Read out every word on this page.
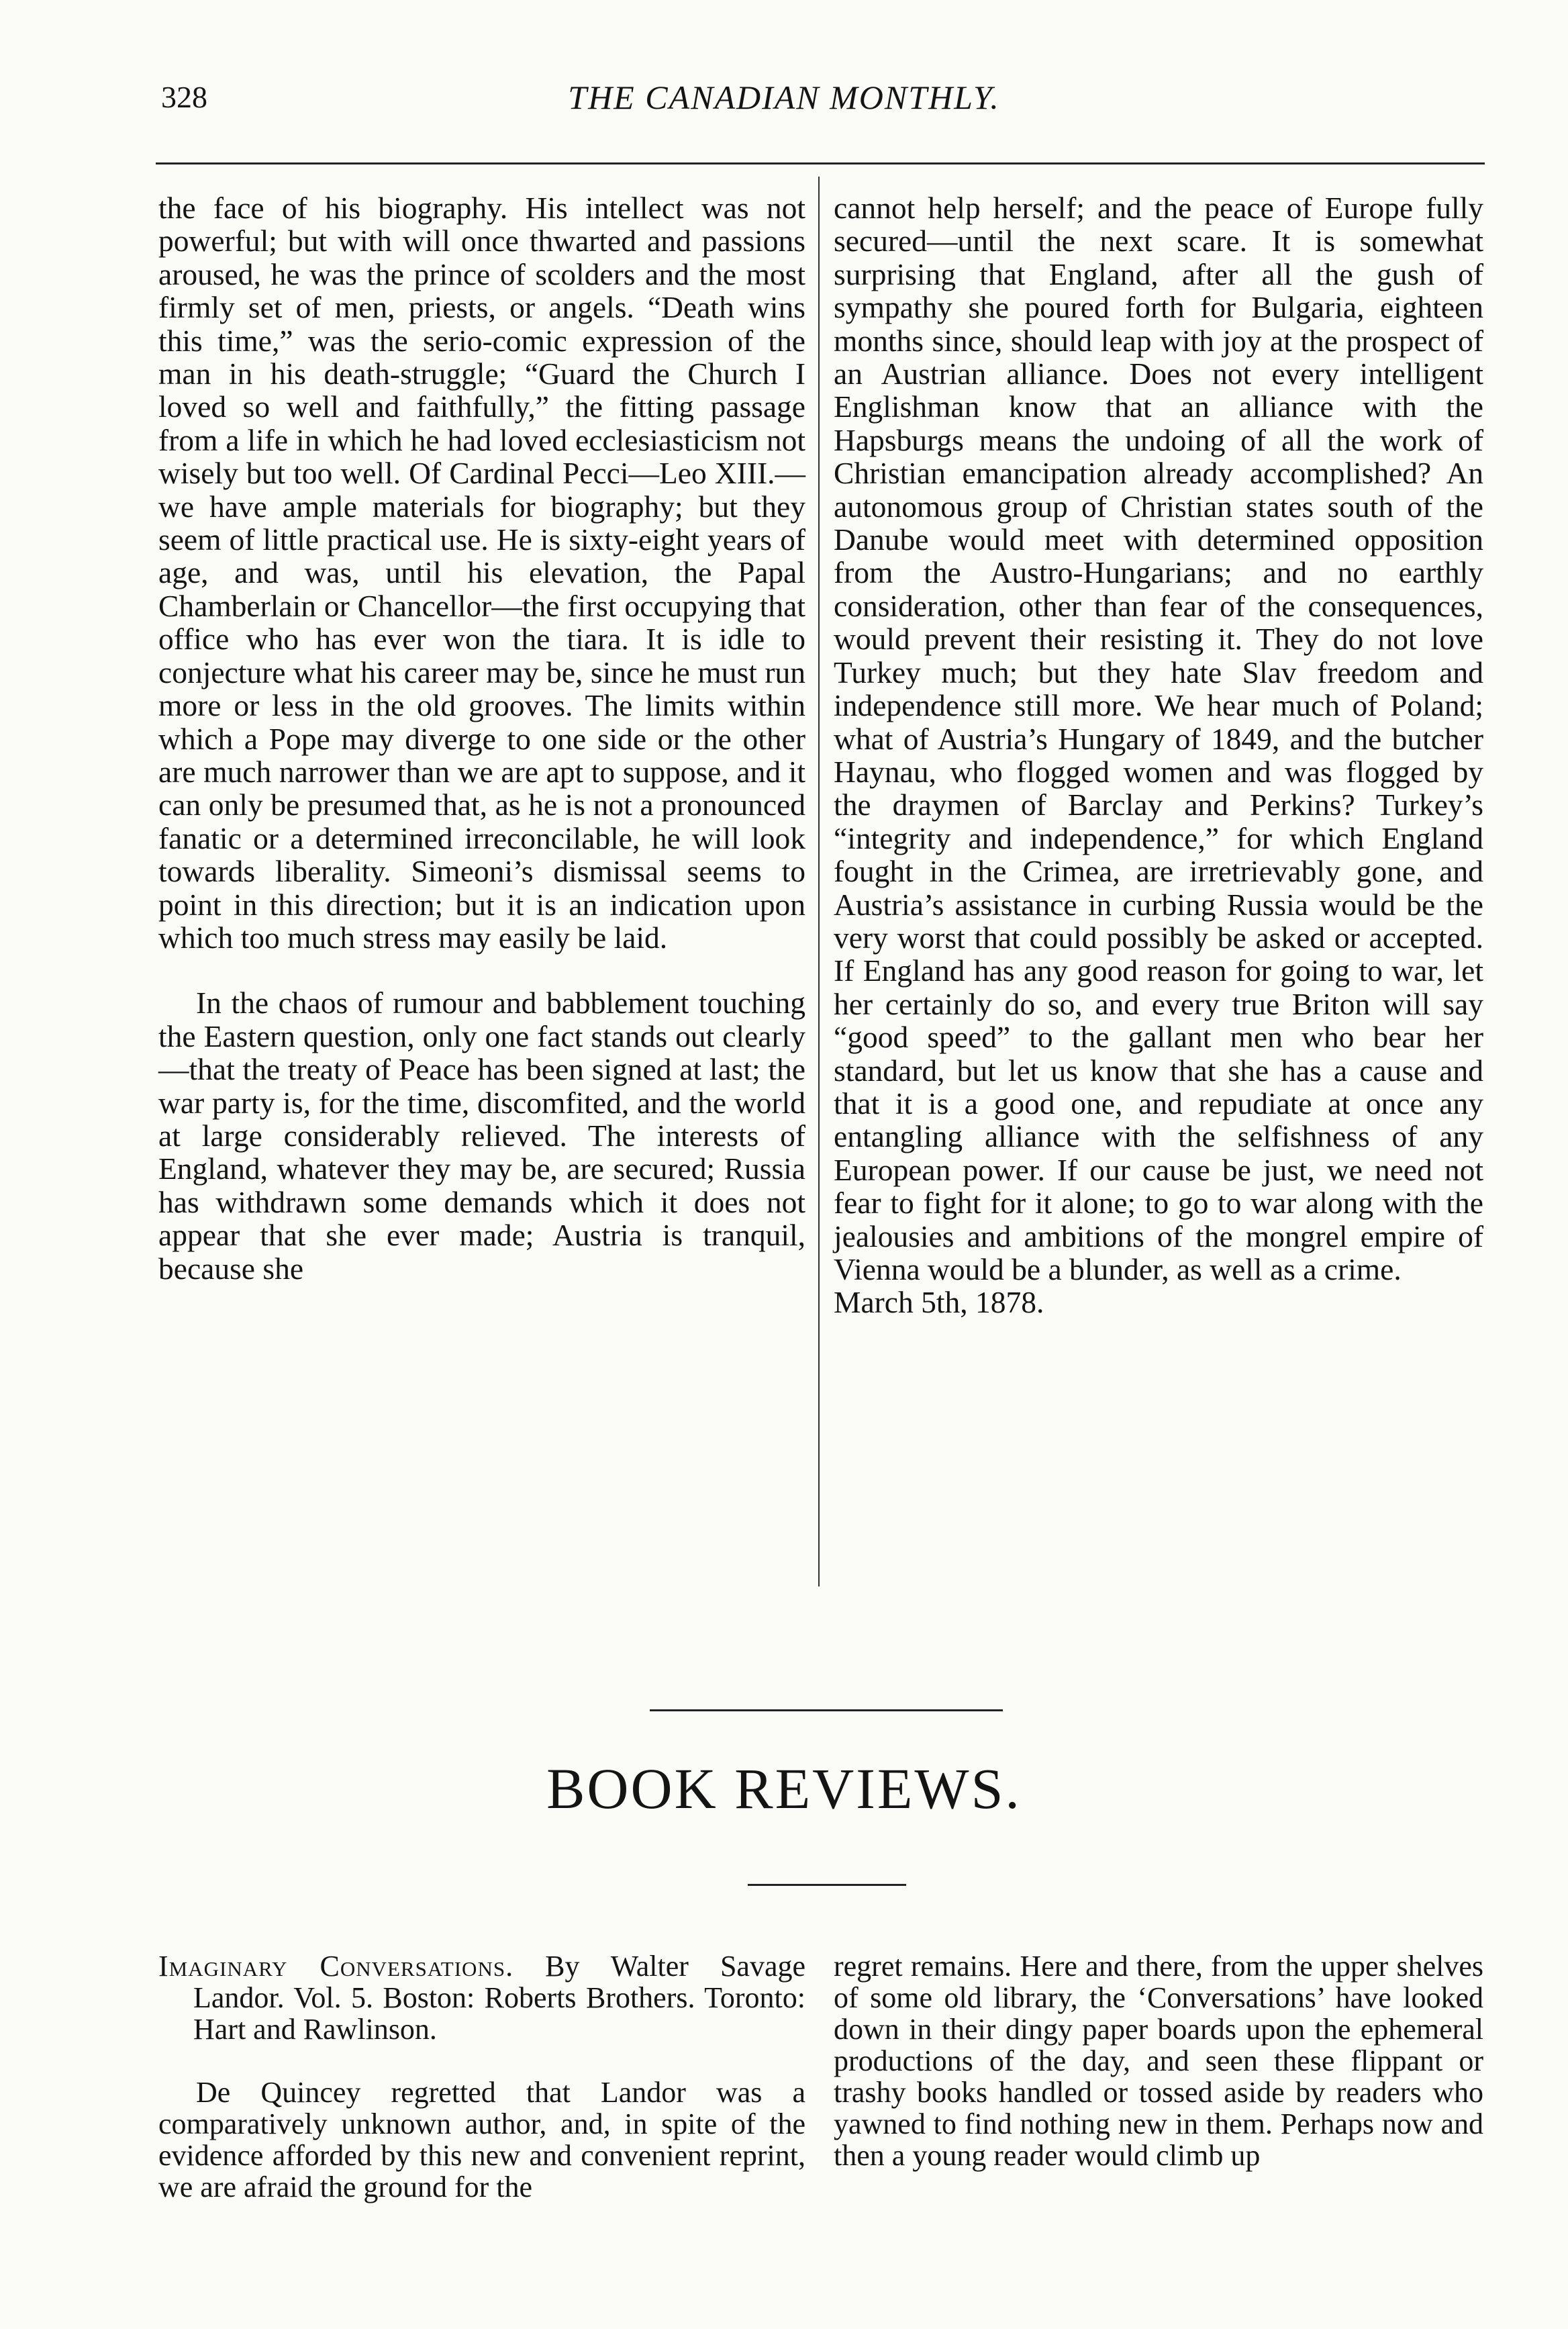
328	THE CANADIAN MONTHLY.

the face of his biography. His intellect was not powerful; but with will once thwarted and passions aroused, he was the prince of scolders and the most firmly set of men, priests, or angels. “Death wins this time,” was the serio-comic expression of the man in his death-struggle; “Guard the Church I loved so well and faithfully,” the fitting passage from a life in which he had loved ecclesiasticism not wisely but too well. Of Cardinal Pecci—Leo XIII.—we have ample materials for biography; but they seem of little practical use. He is sixty-eight years of age, and was, until his elevation, the Papal Chamberlain or Chancellor—the first occupying that office who has ever won the tiara. It is idle to conjecture what his career may be, since he must run more or less in the old grooves. The limits within which a Pope may diverge to one side or the other are much narrower than we are apt to suppose, and it can only be presumed that, as he is not a pronounced fanatic or a determined irreconcilable, he will look towards liberality. Simeoni’s dismissal seems to point in this direction; but it is an indication upon which too much stress may easily be laid.

In the chaos of rumour and babblement touching the Eastern question, only one fact stands out clearly—that the treaty of Peace has been signed at last; the war party is, for the time, discomfited, and the world at large considerably relieved. The interests of England, whatever they may be, are secured; Russia has withdrawn some demands which it does not appear that she ever made; Austria is tranquil, because she

cannot help herself; and the peace of Europe fully secured—until the next scare. It is somewhat surprising that England, after all the gush of sympathy she poured forth for Bulgaria, eighteen months since, should leap with joy at the prospect of an Austrian alliance. Does not every intelligent Englishman know that an alliance with the Hapsburgs means the undoing of all the work of Christian emancipation already accomplished? An autonomous group of Christian states south of the Danube would meet with determined opposition from the Austro-Hungarians; and no earthly consideration, other than fear of the consequences, would prevent their resisting it. They do not love Turkey much; but they hate Slav freedom and independence still more. We hear much of Poland; what of Austria’s Hungary of 1849, and the butcher Haynau, who flogged women and was flogged by the draymen of Barclay and Perkins? Turkey’s “integrity and independence,” for which England fought in the Crimea, are irretrievably gone, and Austria’s assistance in curbing Russia would be the very worst that could possibly be asked or accepted. If England has any good reason for going to war, let her certainly do so, and every true Briton will say “good speed” to the gallant men who bear her standard, but let us know that she has a cause and that it is a good one, and repudiate at once any entangling alliance with the selfishness of any European power. If our cause be just, we need not fear to fight for it alone; to go to war along with the jealousies and ambitions of the mongrel empire of Vienna would be a blunder, as well as a crime.

March 5th, 1878.

BOOK REVIEWS.

Imaginary Conversations. By Walter Savage Landor. Vol. 5. Boston: Roberts Brothers. Toronto: Hart and Rawlinson.

De Quincey regretted that Landor was a comparatively unknown author, and, in spite of the evidence afforded by this new and convenient reprint, we are afraid the ground for the

regret remains. Here and there, from the upper shelves of some old library, the ‘Conversations’ have looked down in their dingy paper boards upon the ephemeral productions of the day, and seen these flippant or trashy books handled or tossed aside by readers who yawned to find nothing new in them. Perhaps now and then a young reader would climb up
